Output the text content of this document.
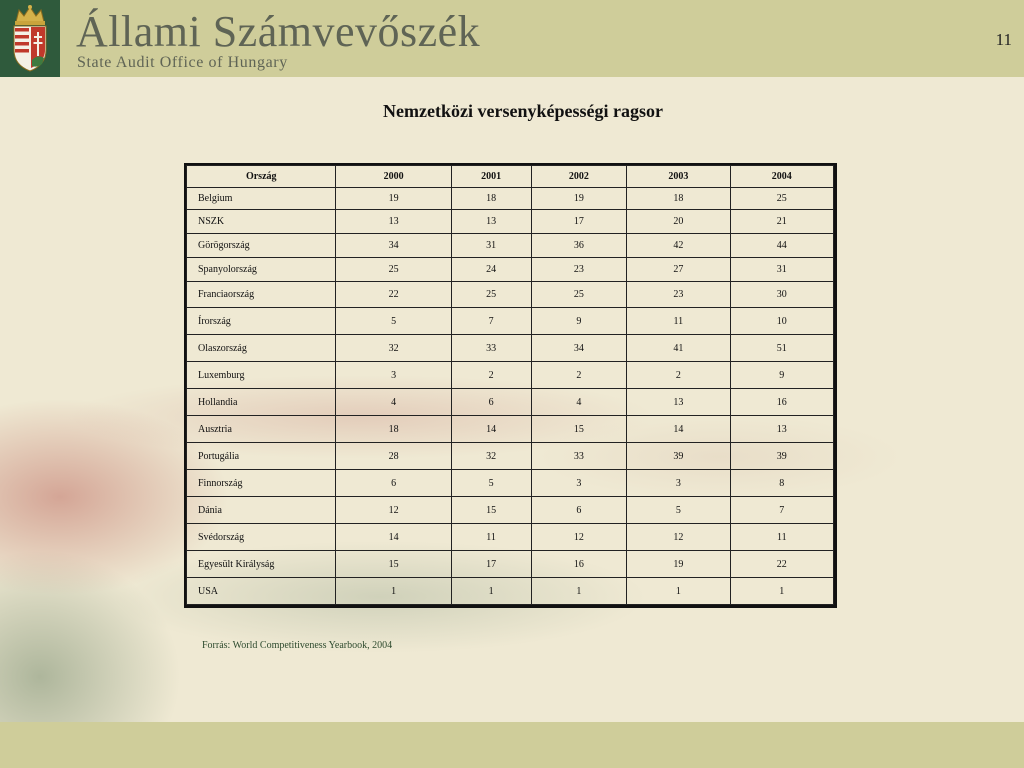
Állami Számvevőszék
State Audit Office of Hungary
11
Nemzetközi versenyképességi ragsor
Ország	2000	2001	2002	2003	2004
Belgium	19	18	19	18	25
NSZK	13	13	17	20	21
Görögország	34	31	36	42	44
Spanyolország	25	24	23	27	31
Franciaország	22	25	25	23	30
Írország	5	7	9	11	10
Olaszország	32	33	34	41	51
Luxemburg	3	2	2	2	9
Hollandia	4	6	4	13	16
Ausztria	18	14	15	14	13
Portugália	28	32	33	39	39
Finnország	6	5	3	3	8
Dánia	12	15	6	5	7
Svédország	14	11	12	12	11
Egyesült Királyság	15	17	16	19	22
USA	1	1	1	1	1
Forrás: World Competitiveness Yearbook, 2004
